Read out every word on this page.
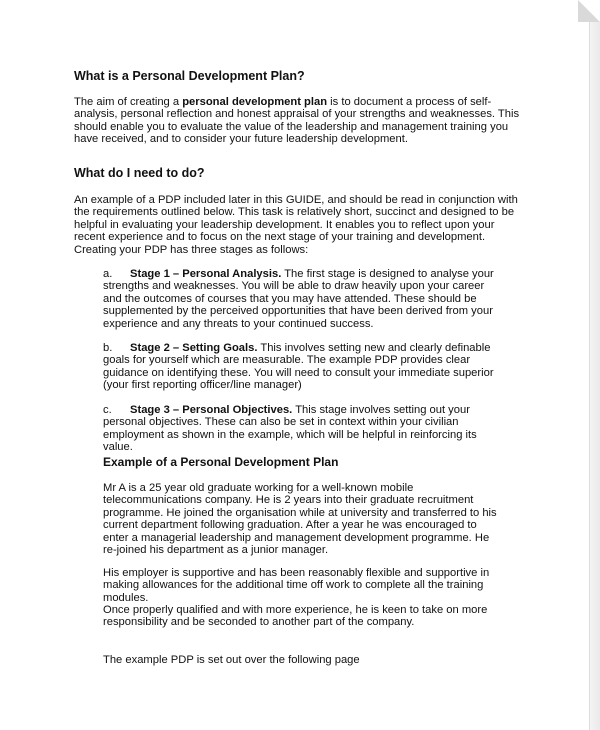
What is a Personal Development Plan?

The aim of creating a personal development plan is to document a process of self-analysis, personal reflection and honest appraisal of your strengths and weaknesses. This should enable you to evaluate the value of the leadership and management training you have received, and to consider your future leadership development.

What do I need to do?

An example of a PDP included later in this GUIDE, and should be read in conjunction with the requirements outlined below. This task is relatively short, succinct and designed to be helpful in evaluating your leadership development. It enables you to reflect upon your recent experience and to focus on the next stage of your training and development. Creating your PDP has three stages as follows:

a. Stage 1 – Personal Analysis. The first stage is designed to analyse your strengths and weaknesses. You will be able to draw heavily upon your career and the outcomes of courses that you may have attended. These should be supplemented by the perceived opportunities that have been derived from your experience and any threats to your continued success.

b. Stage 2 – Setting Goals. This involves setting new and clearly definable goals for yourself which are measurable. The example PDP provides clear guidance on identifying these. You will need to consult your immediate superior (your first reporting officer/line manager)

c. Stage 3 – Personal Objectives. This stage involves setting out your personal objectives. These can also be set in context within your civilian employment as shown in the example, which will be helpful in reinforcing its value.

Example of a Personal Development Plan

Mr A is a 25 year old graduate working for a well-known mobile telecommunications company. He is 2 years into their graduate recruitment programme. He joined the organisation while at university and transferred to his current department following graduation. After a year he was encouraged to enter a managerial leadership and management development programme. He re-joined his department as a junior manager.

His employer is supportive and has been reasonably flexible and supportive in making allowances for the additional time off work to complete all the training modules.

Once properly qualified and with more experience, he is keen to take on more responsibility and be seconded to another part of the company.

The example PDP is set out over the following page
